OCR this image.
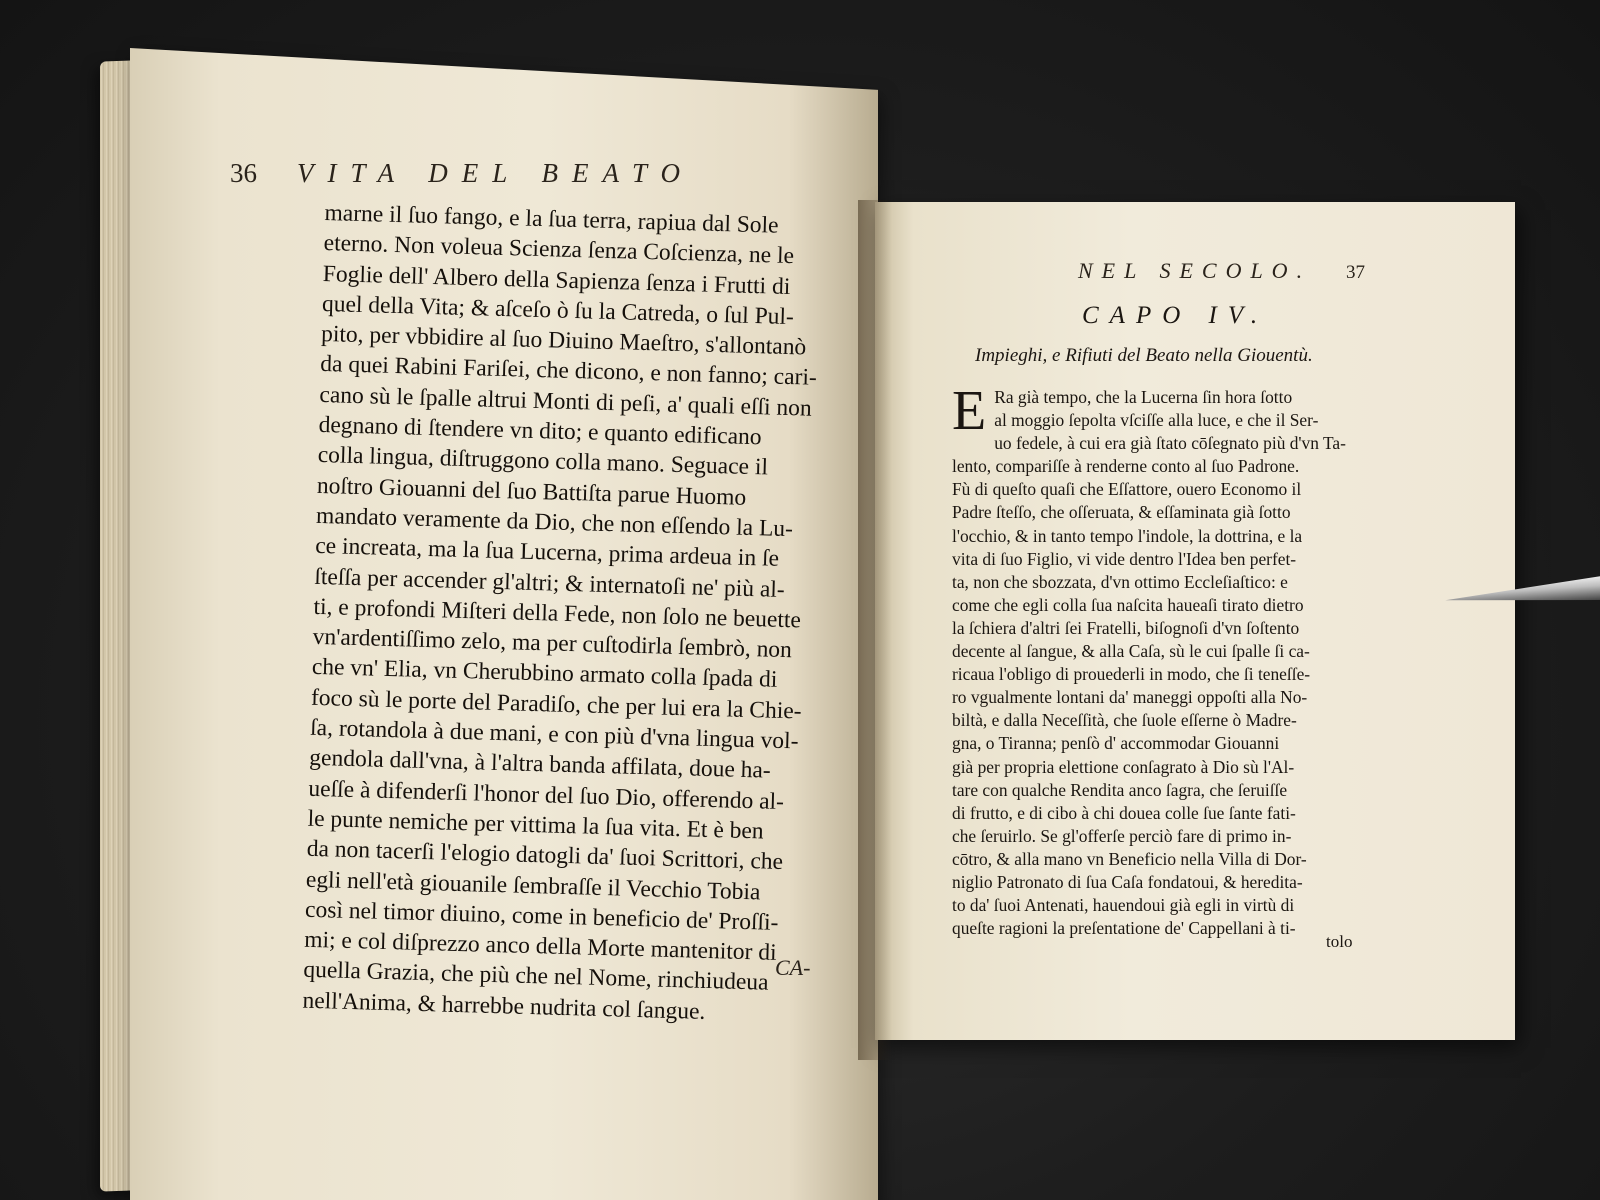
36 VITA DEL BEATO
marne il ſuo fango, e la ſua terra, rapiua dal Sole
eterno. Non voleua Scienza ſenza Coſcienza, ne le
Foglie dell' Albero della Sapienza ſenza i Frutti di
quel della Vita; & aſceſo ò ſu la Catreda, o ſul Pul-
pito, per vbbidire al ſuo Diuino Maeſtro, s'allontanò
da quei Rabini Fariſei, che dicono, e non fanno; cari-
cano sù le ſpalle altrui Monti di peſi, a' quali eſſi non
degnano di ſtendere vn dito; e quanto edificano
colla lingua, diſtruggono colla mano. Seguace il
noſtro Giouanni del ſuo Battiſta parue Huomo
mandato veramente da Dio, che non eſſendo la Lu-
ce increata, ma la ſua Lucerna, prima ardeua in ſe
ſteſſa per accender gl'altri; & internatoſi ne' più al-
ti, e profondi Miſteri della Fede, non ſolo ne beuette
vn'ardentiſſimo zelo, ma per cuſtodirla ſembrò, non
che vn' Elia, vn Cherubbino armato colla ſpada di
foco sù le porte del Paradiſo, che per lui era la Chie-
ſa, rotandola à due mani, e con più d'vna lingua vol-
gendola dall'vna, à l'altra banda affilata, doue ha-
ueſſe à difenderſi l'honor del ſuo Dio, offerendo al-
le punte nemiche per vittima la ſua vita. Et è ben
da non tacerſi l'elogio datogli da' ſuoi Scrittori, che
egli nell'età giouanile ſembraſſe il Vecchio Tobia
così nel timor diuino, come in beneficio de' Proſſi-
mi; e col diſprezzo anco della Morte mantenitor di
quella Grazia, che più che nel Nome, rinchiudeua
nell'Anima, & harrebbe nudrita col ſangue.
CA-
NEL SECOLO. 37
CAPO IV.
Impieghi, e Rifiuti del Beato nella Giouentù.
E Ra già tempo, che la Lucerna ſin hora ſotto
al moggio ſepolta vſciſſe alla luce, e che il Ser-
uo fedele, à cui era già ſtato cōſegnato più d'vn Ta-
lento, compariſſe à renderne conto al ſuo Padrone.
Fù di queſto quaſi che Eſſattore, ouero Economo il
Padre ſteſſo, che oſſeruata, & eſſaminata già ſotto
l'occhio, & in tanto tempo l'indole, la dottrina, e la
vita di ſuo Figlio, vi vide dentro l'Idea ben perfet-
ta, non che sbozzata, d'vn ottimo Eccleſiaſtico: e
come che egli colla ſua naſcita haueaſi tirato dietro
la ſchiera d'altri ſei Fratelli, biſognoſi d'vn ſoſtento
decente al ſangue, & alla Caſa, sù le cui ſpalle ſi ca-
ricaua l'obligo di prouederli in modo, che ſi teneſſe-
ro vgualmente lontani da' maneggi oppoſti alla No-
biltà, e dalla Neceſſità, che ſuole eſſerne ò Madre-
gna, o Tiranna; penſò d' accommodar Giouanni
già per propria elettione conſagrato à Dio sù l'Al-
tare con qualche Rendita anco ſagra, che ſeruiſſe
di frutto, e di cibo à chi doueа colle ſue ſante fati-
che ſeruirlo. Se gl'offerſe perciò fare di primo in-
cōtro, & alla mano vn Beneficio nella Villa di Dor-
niglio Patronato di ſua Caſa fondatoui, & heredita-
to da' ſuoi Antenati, hauendoui già egli in virtù di
queſte ragioni la preſentatione de' Cappellani à ti-
tolo
